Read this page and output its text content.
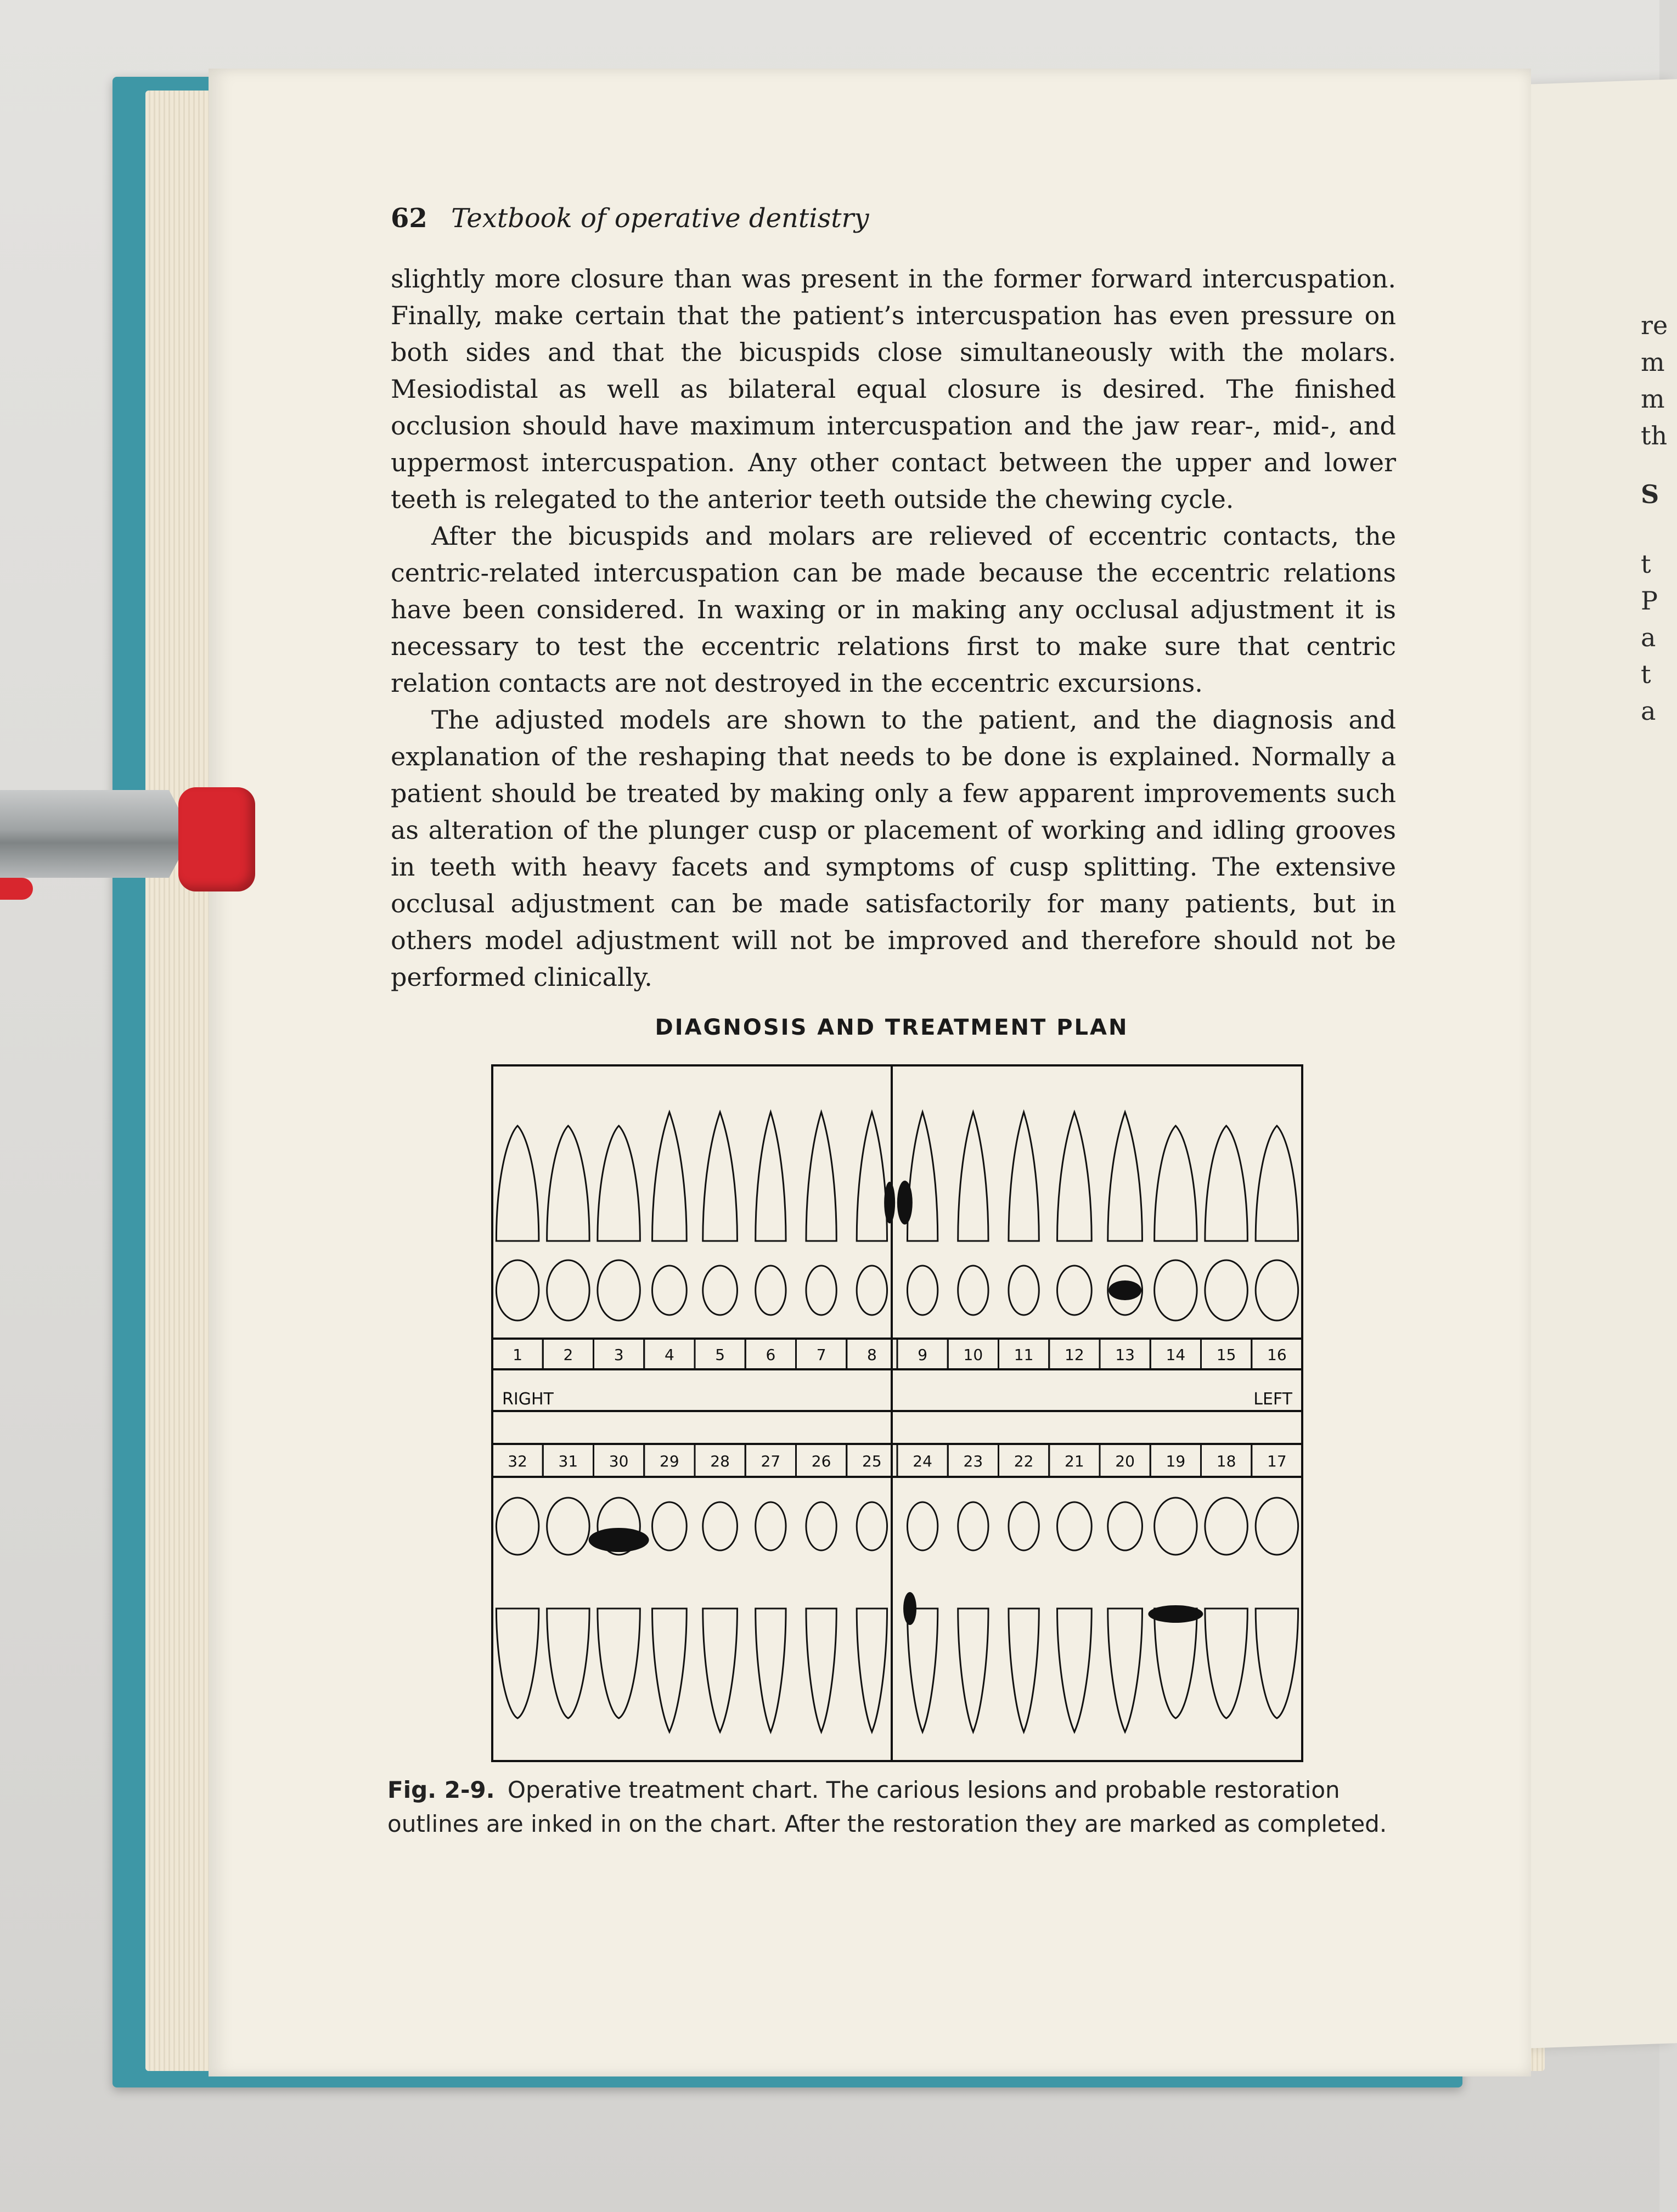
re
m
m
th
S
t
P
a
t
a
62 Textbook of operative dentistry

slightly more closure than was present in the former forward intercuspation. Finally, make certain that the patient’s intercuspation has even pressure on both sides and that the bicuspids close simultaneously with the molars. Mesiodistal as well as bilateral equal closure is desired. The finished occlusion should have maximum intercuspation and the jaw rear-, mid-, and uppermost intercuspation. Any other contact between the upper and lower teeth is relegated to the anterior teeth outside the chewing cycle.

After the bicuspids and molars are relieved of eccentric contacts, the centric-related intercuspation can be made because the eccentric relations have been considered. In waxing or in making any occlusal adjustment it is necessary to test the eccentric relations first to make sure that centric relation contacts are not destroyed in the eccentric excursions.

The adjusted models are shown to the patient, and the diagnosis and explanation of the reshaping that needs to be done is explained. Normally a patient should be treated by making only a few apparent improvements such as alteration of the plunger cusp or placement of working and idling grooves in teeth with heavy facets and symptoms of cusp splitting. The extensive occlusal adjustment can be made satisfactorily for many patients, but in others model adjustment will not be improved and therefore should not be performed clinically.

DIAGNOSIS AND TREATMENT PLAN
1	2	3	4	5	6	7	8	9 10 11 12 13 14 15 16
32 31 30 29 28 27 26 25 24 23 22 21 20 19 18 17
RIGHT	LEFT
Fig. 2-9. Operative treatment chart. The carious lesions and probable restoration outlines are inked in on the chart. After the restoration they are marked as completed.
